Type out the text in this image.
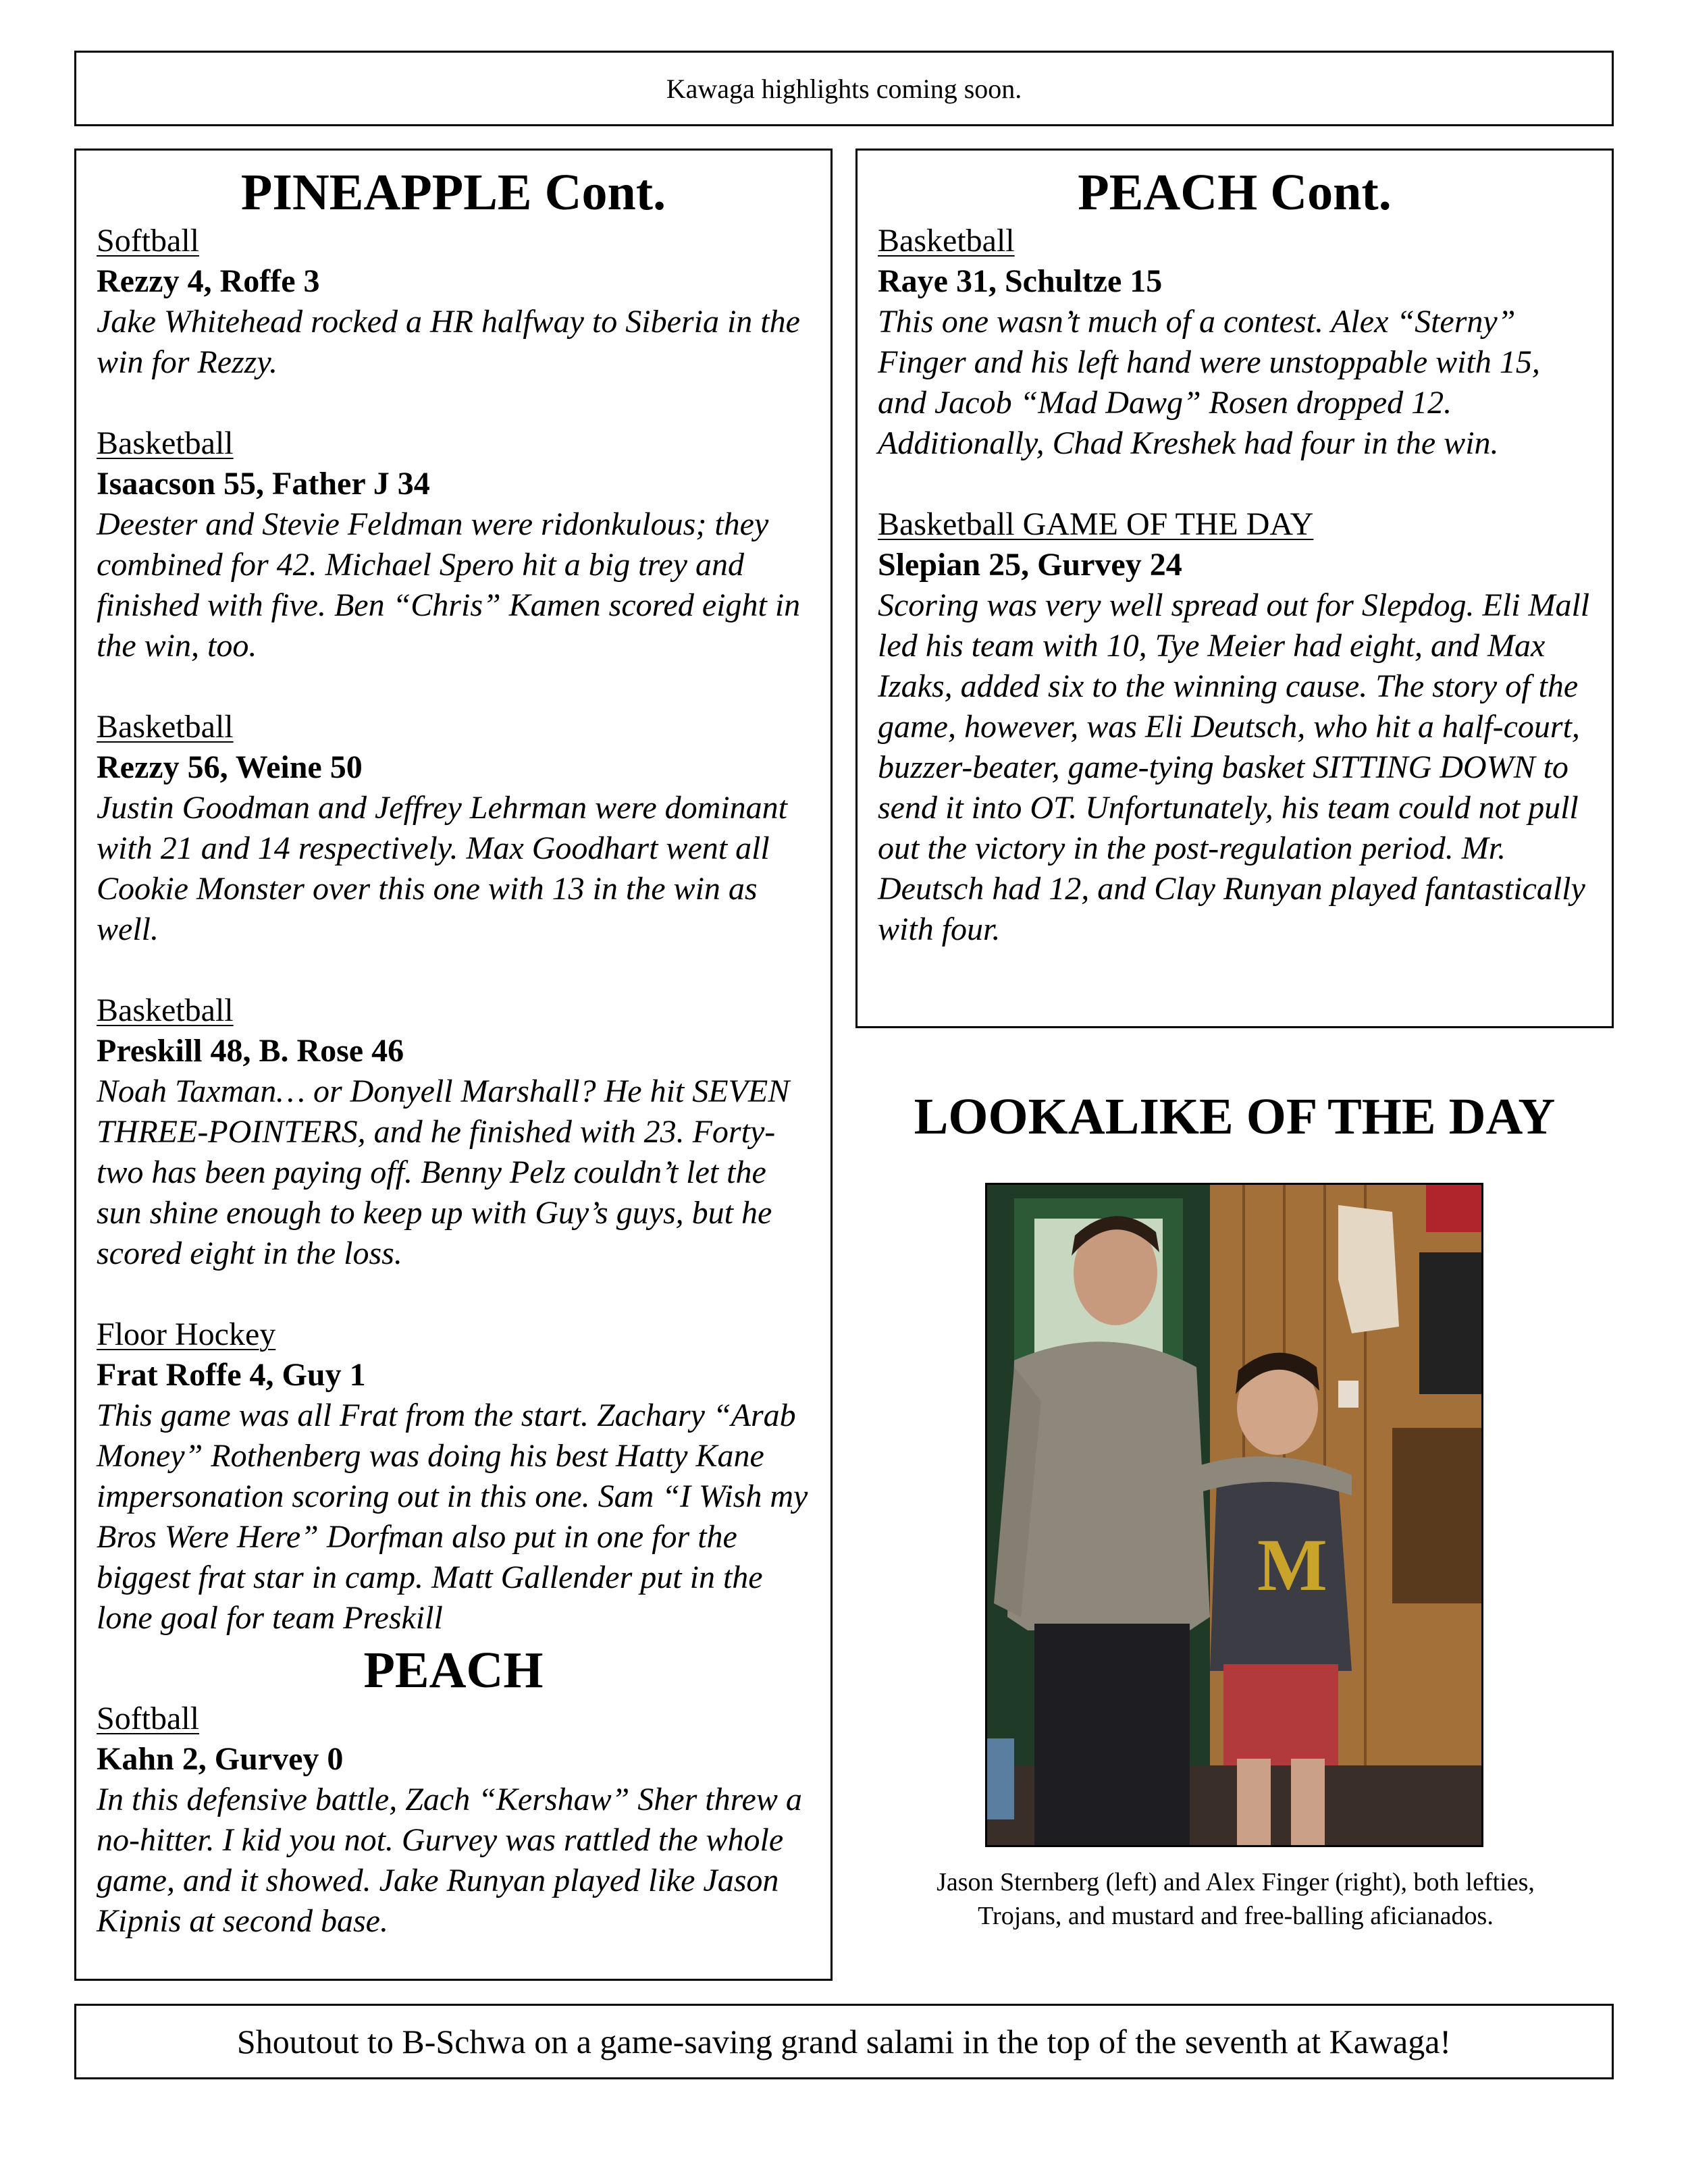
Kawaga highlights coming soon.
PINEAPPLE Cont.
Softball
Rezzy 4, Roffe 3
Jake Whitehead rocked a HR halfway to Siberia in the win for Rezzy.
Basketball
Isaacson 55, Father J 34
Deester and Stevie Feldman were ridonkulous; they combined for 42. Michael Spero hit a big trey and finished with five. Ben “Chris” Kamen scored eight in the win, too.
Basketball
Rezzy 56, Weine 50
Justin Goodman and Jeffrey Lehrman were dominant with 21 and 14 respectively. Max Goodhart went all Cookie Monster over this one with 13 in the win as well.
Basketball
Preskill 48, B. Rose 46
Noah Taxman… or Donyell Marshall? He hit SEVEN THREE-POINTERS, and he finished with 23. Forty-two has been paying off. Benny Pelz couldn’t let the sun shine enough to keep up with Guy’s guys, but he scored eight in the loss.
Floor Hockey
Frat Roffe 4, Guy 1
This game was all Frat from the start. Zachary “Arab Money” Rothenberg was doing his best Hatty Kane impersonation scoring out in this one. Sam “I Wish my Bros Were Here” Dorfman also put in one for the biggest frat star in camp. Matt Gallender put in the lone goal for team Preskill
PEACH
Softball
Kahn 2, Gurvey 0
In this defensive battle, Zach “Kershaw” Sher threw a no-hitter. I kid you not. Gurvey was rattled the whole game, and it showed. Jake Runyan played like Jason Kipnis at second base.
PEACH Cont.
Basketball
Raye 31, Schultze 15
This one wasn’t much of a contest. Alex “Sterny” Finger and his left hand were unstoppable with 15, and Jacob “Mad Dawg” Rosen dropped 12. Additionally, Chad Kreshek had four in the win.
Basketball GAME OF THE DAY
Slepian 25, Gurvey 24
Scoring was very well spread out for Slepdog. Eli Mall led his team with 10, Tye Meier had eight, and Max Izaks, added six to the winning cause. The story of the game, however, was Eli Deutsch, who hit a half-court, buzzer-beater, game-tying basket SITTING DOWN to send it into OT. Unfortunately, his team could not pull out the victory in the post-regulation period. Mr. Deutsch had 12, and Clay Runyan played fantastically with four.
LOOKALIKE OF THE DAY
M
Jason Sternberg (left) and Alex Finger (right), both lefties, Trojans, and mustard and free-balling aficianados.
Shoutout to B-Schwa on a game-saving grand salami in the top of the seventh at Kawaga!
